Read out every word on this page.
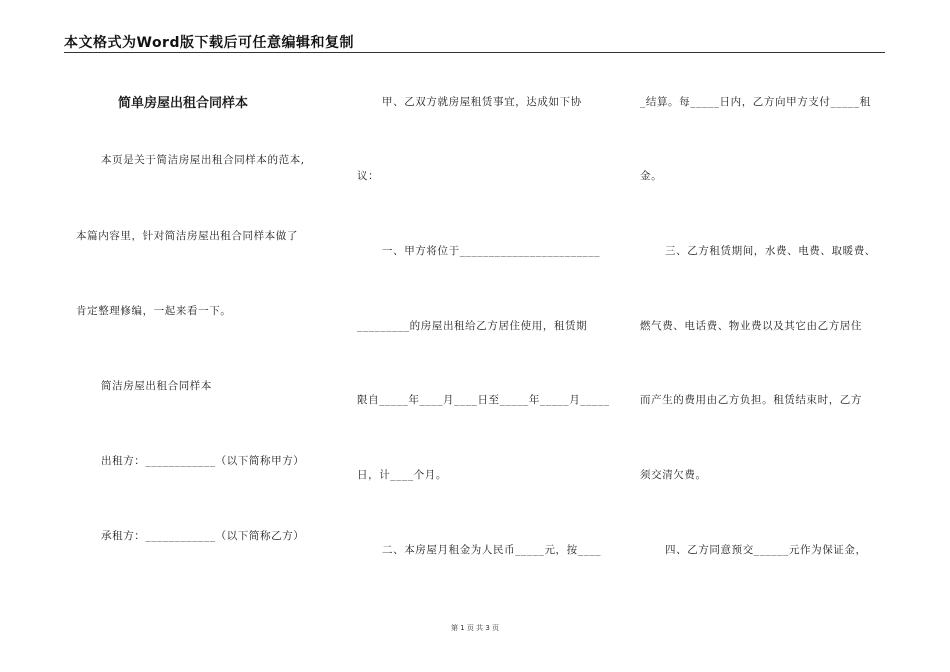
本文格式为Word版下载后可任意编辑和复制
简单房屋出租合同样本
本页是关于简洁房屋出租合同样本的范本,
本篇内容里，针对简洁房屋出租合同样本做了
肯定整理修编，一起来看一下。
简洁房屋出租合同样本
出租方：____________（以下简称甲方）
承租方：____________（以下简称乙方）
甲、乙双方就房屋租赁事宜，达成如下协
议：
一、甲方将位于________________________
_________的房屋出租给乙方居住使用，租赁期
限自_____年____月____日至_____年_____月_____
日，计____个月。
二、本房屋月租金为人民币_____元，按____
_结算。每_____日内，乙方向甲方支付_____租
金。
三、乙方租赁期间，水费、电费、取暖费、
燃气费、电话费、物业费以及其它由乙方居住
而产生的费用由乙方负担。租赁结束时，乙方
须交清欠费。
四、乙方同意预交______元作为保证金，
第 1 页 共 3 页
